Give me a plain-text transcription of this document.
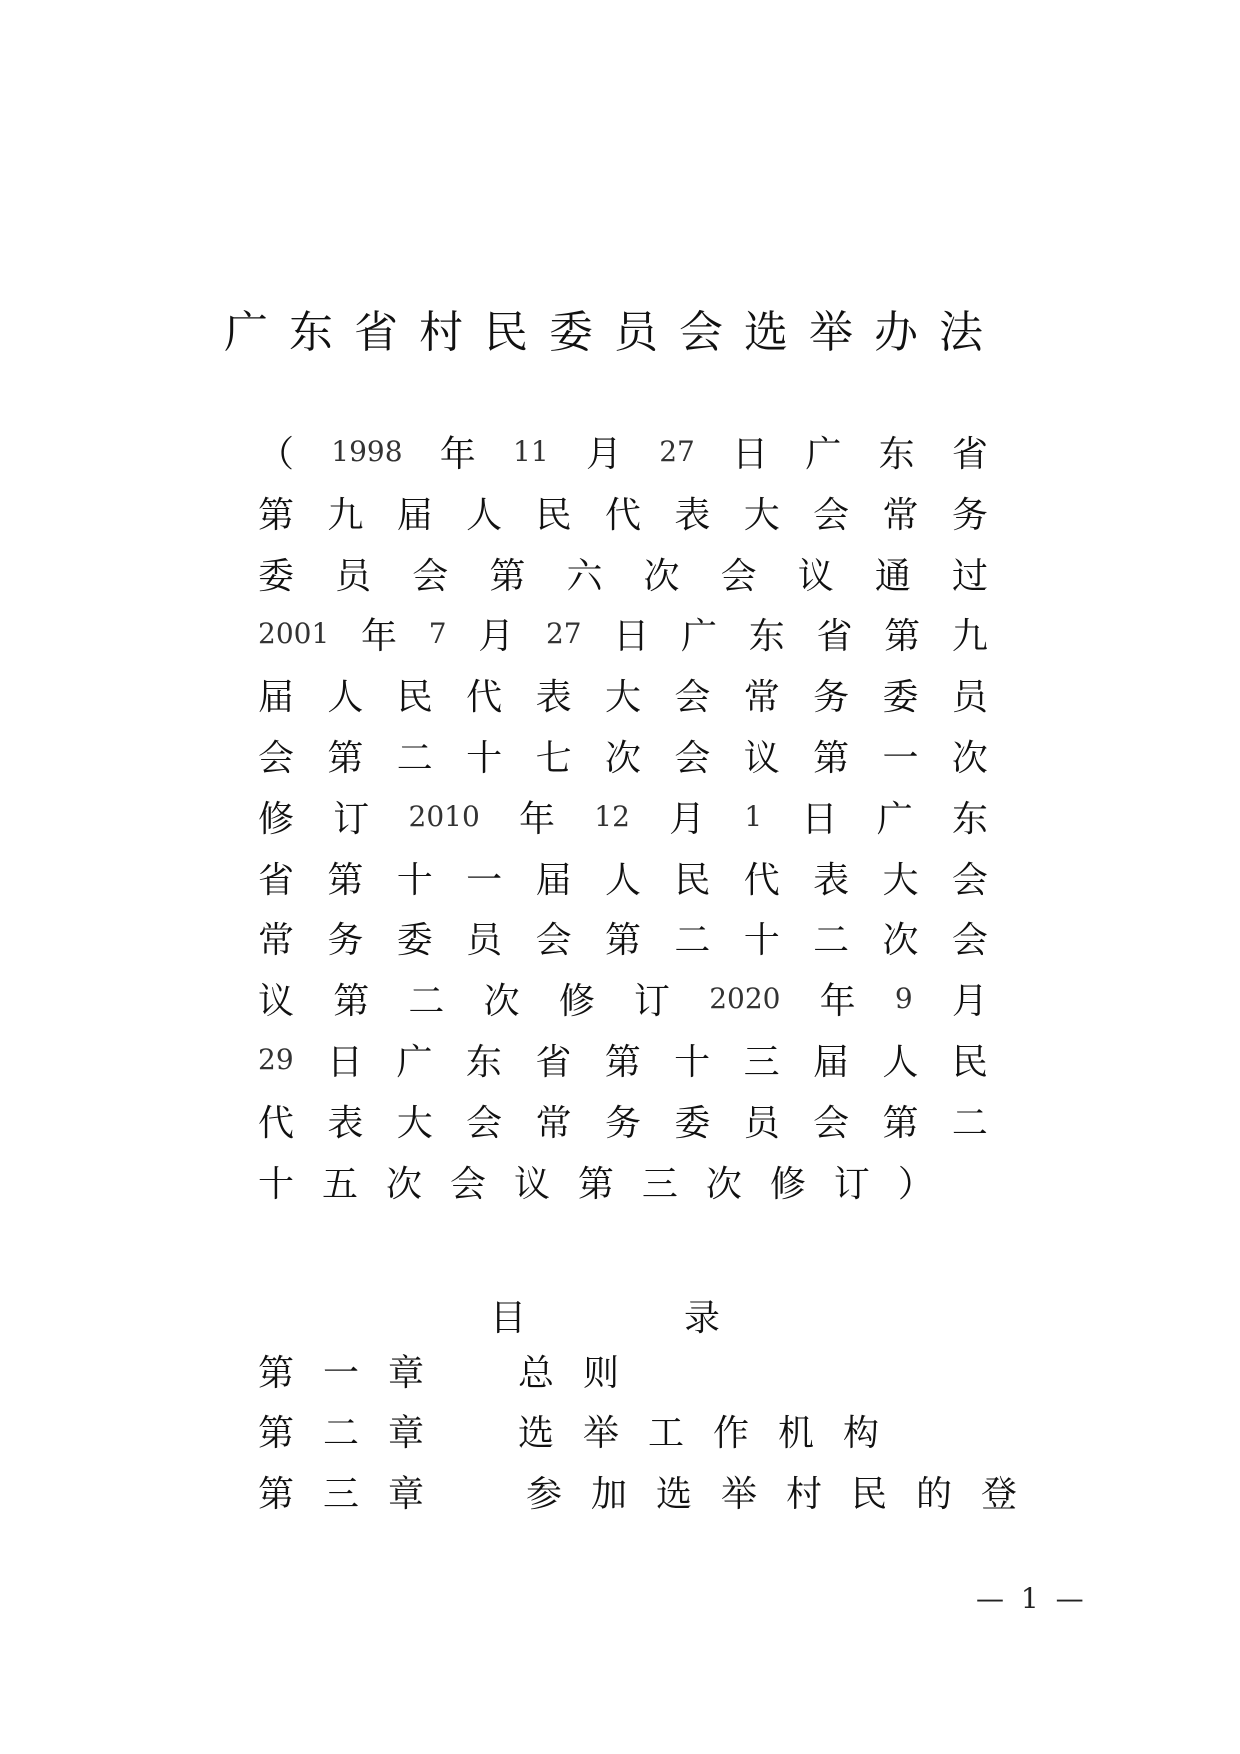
广东省村民委员会选举办法
（ 1998 年 11 月 27 日 广 东 省
第 九 届 人 民 代 表 大 会 常 务
委 员 会 第 六 次 会 议 通 过
2001 年 7 月 27 日 广 东 省 第 九
届 人 民 代 表 大 会 常 务 委 员
会 第 二 十 七 次 会 议 第 一 次
修 订 2010 年 12 月 1 日 广 东
省 第 十 一 届 人 民 代 表 大 会
常 务 委 员 会 第 二 十 二 次 会
议 第 二 次 修 订 2020 年 9 月
29 日 广 东 省 第 十 三 届 人 民
代 表 大 会 常 务 委 员 会 第 二
十 五 次 会 议 第 三 次 修 订 ）
目	录
第一章 总则
第二章 选举工作机构
第三章 参加选举村民的登
— 1 —
